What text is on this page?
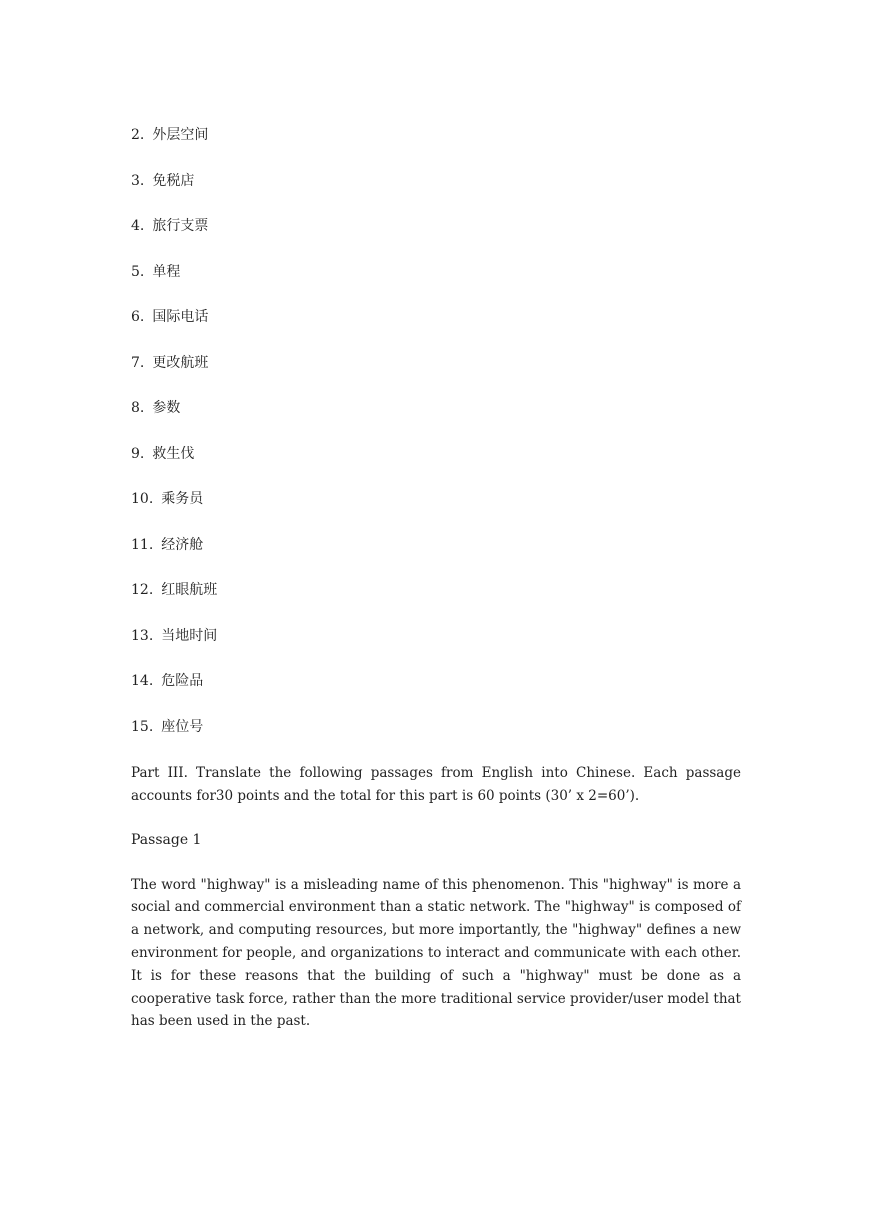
2. 外层空间
3. 免税店
4. 旅行支票
5. 单程
6. 国际电话
7. 更改航班
8. 参数
9. 救生伐
10. 乘务员
11. 经济舱
12. 红眼航班
13. 当地时间
14. 危险品
15. 座位号

Part III. Translate the following passages from English into Chinese. Each passage accounts for30 points and the total for this part is 60 points (30’ x 2=60’).

Passage 1

The word "highway" is a misleading name of this phenomenon. This "highway" is more a social and commercial environment than a static network. The "highway" is composed of a network, and computing resources, but more importantly, the "highway" defines a new environment for people, and organizations to interact and communicate with each other. It is for these reasons that the building of such a "highway" must be done as a cooperative task force, rather than the more traditional service provider/user model that has been used in the past.
